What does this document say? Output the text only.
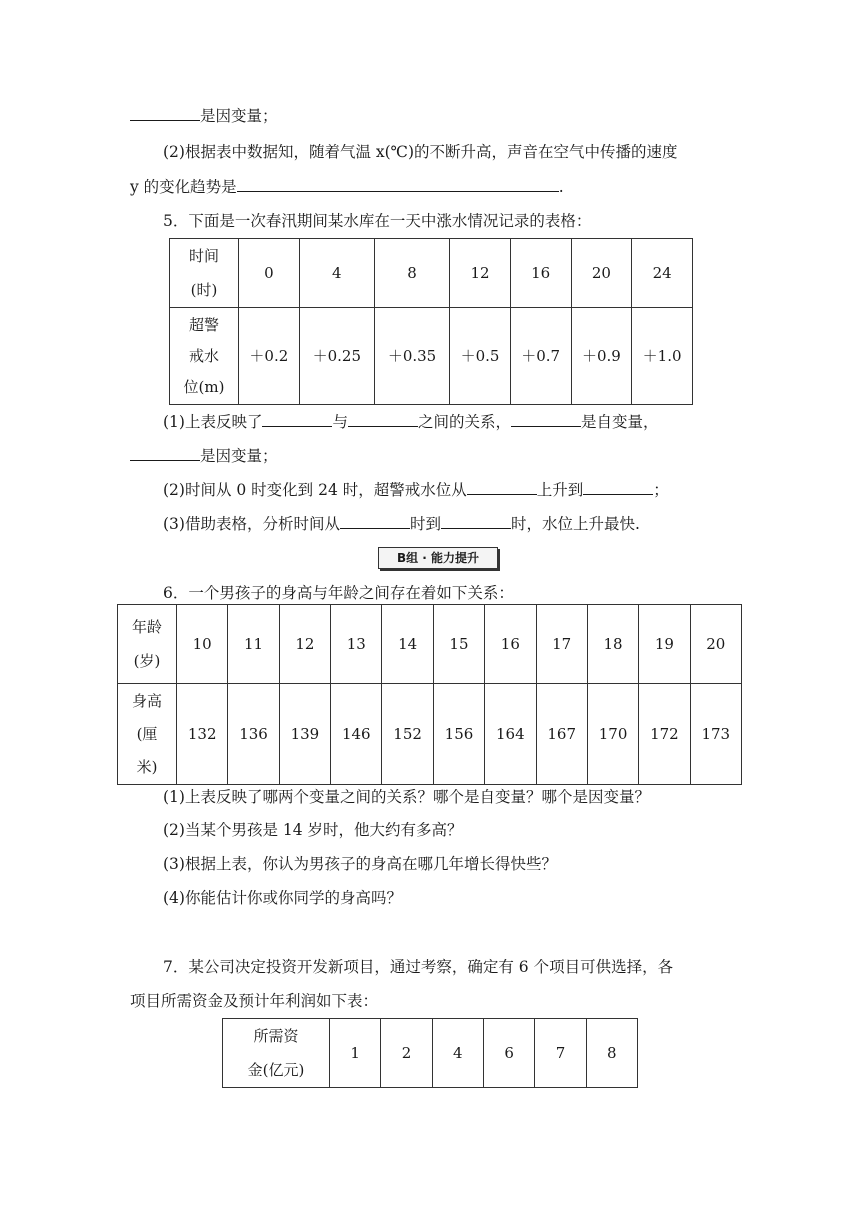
是因变量；
(2)根据表中数据知，随着气温 x(℃)的不断升高，声音在空气中传播的速度
y 的变化趋势是	.
5．下面是一次春汛期间某水库在一天中涨水情况记录的表格：
时间
(时)	0	4	8	12	16	20	24
超警
戒水
位(m)	＋0.2	＋0.25	＋0.35	＋0.5	＋0.7	＋0.9	＋1.0
(1)上表反映了	与	之间的关系，	是自变量，
是因变量；
(2)时间从 0 时变化到 24 时，超警戒水位从	上升到	；
(3)借助表格，分析时间从	时到	时，水位上升最快.
B组 · 能力提升
6．一个男孩子的身高与年龄之间存在着如下关系：
年龄
(岁)	10	11	12	13	14	15	16	17	18	19	20
身高
(厘
米)	132	136	139	146	152	156	164	167	170	172	173
(1)上表反映了哪两个变量之间的关系？哪个是自变量？哪个是因变量？
(2)当某个男孩是 14 岁时，他大约有多高？
(3)根据上表，你认为男孩子的身高在哪几年增长得快些？
(4)你能估计你或你同学的身高吗？
7．某公司决定投资开发新项目，通过考察，确定有 6 个项目可供选择，各
项目所需资金及预计年利润如下表：
所需资
金(亿元)	1	2	4	6	7	8
